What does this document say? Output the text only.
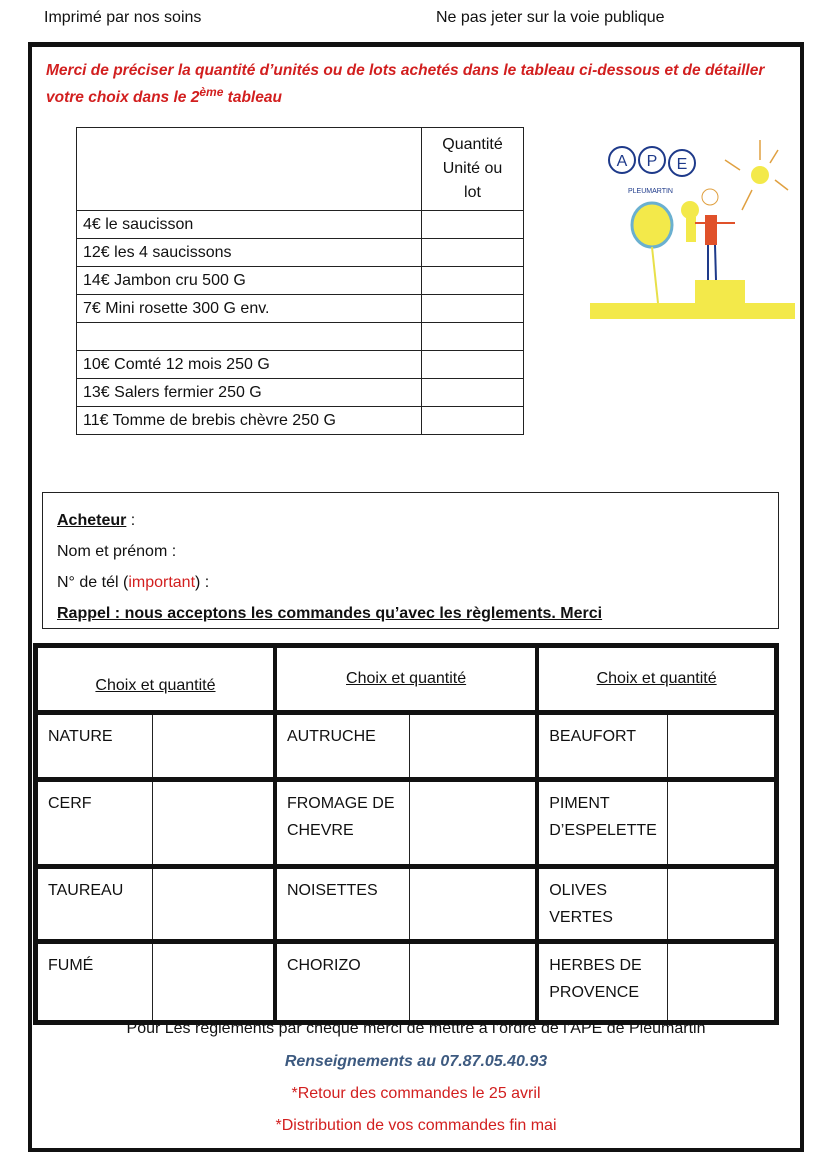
Imprimé par nos soins	Ne pas jeter sur la voie publique
Merci de préciser la quantité d’unités ou de lots achetés dans le tableau ci-dessous et de détailler votre choix dans le 2ème tableau
	Quantité
Unité ou
lot
4€ le saucisson	
12€ les 4 saucissons	
14€ Jambon cru 500 G	
7€ Mini rosette 300 G env.	

10€ Comté 12 mois 250 G	
13€ Salers fermier 250 G	
11€ Tomme de brebis chèvre 250 G	
A P E
PLEUMARTIN
Acheteur :
Nom et prénom :
N° de tél (important) :
Rappel : nous acceptons les commandes qu’avec les règlements. Merci
Choix et quantité		Choix et quantité		Choix et quantité	
NATURE		AUTRUCHE		BEAUFORT	
CERF		FROMAGE DE CHEVRE		PIMENT D’ESPELETTE	
TAUREAU		NOISETTES		OLIVES VERTES	
FUMÉ		CHORIZO		HERBES DE PROVENCE	
Pour Les règlements par chèque merci de mettre à l’ordre de l’APE de Pleumartin
Renseignements au 07.87.05.40.93
*Retour des commandes le 25 avril
*Distribution de vos commandes fin mai
